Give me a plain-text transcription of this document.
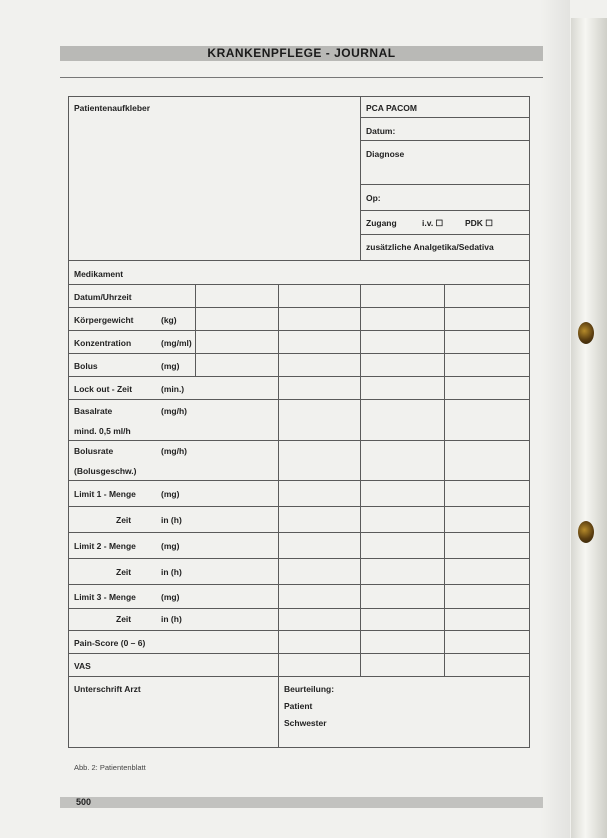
KRANKENPFLEGE - JOURNAL
Patientenaufkleber	PCA PACOM
Datum:
Diagnose
Op:
Zugang	i.v. ☐	PDK ☐
zusätzliche Analgetika/Sedativa
Medikament
Datum/Uhrzeit
Körpergewicht	(kg)
Konzentration	(mg/ml)
Bolus	(mg)
Lock out - Zeit	(min.)
Basalrate	(mg/h)
mind. 0,5 ml/h
Bolusrate	(mg/h)
(Bolusgeschw.)
Limit 1 - Menge	(mg)
Zeit	in (h)
Limit 2 - Menge	(mg)
Zeit	in (h)
Limit 3 - Menge	(mg)
Zeit	in (h)
Pain-Score (0 – 6)
VAS
Unterschrift Arzt	Beurteilung:
Patient
Schwester
Abb. 2: Patientenblatt
500
